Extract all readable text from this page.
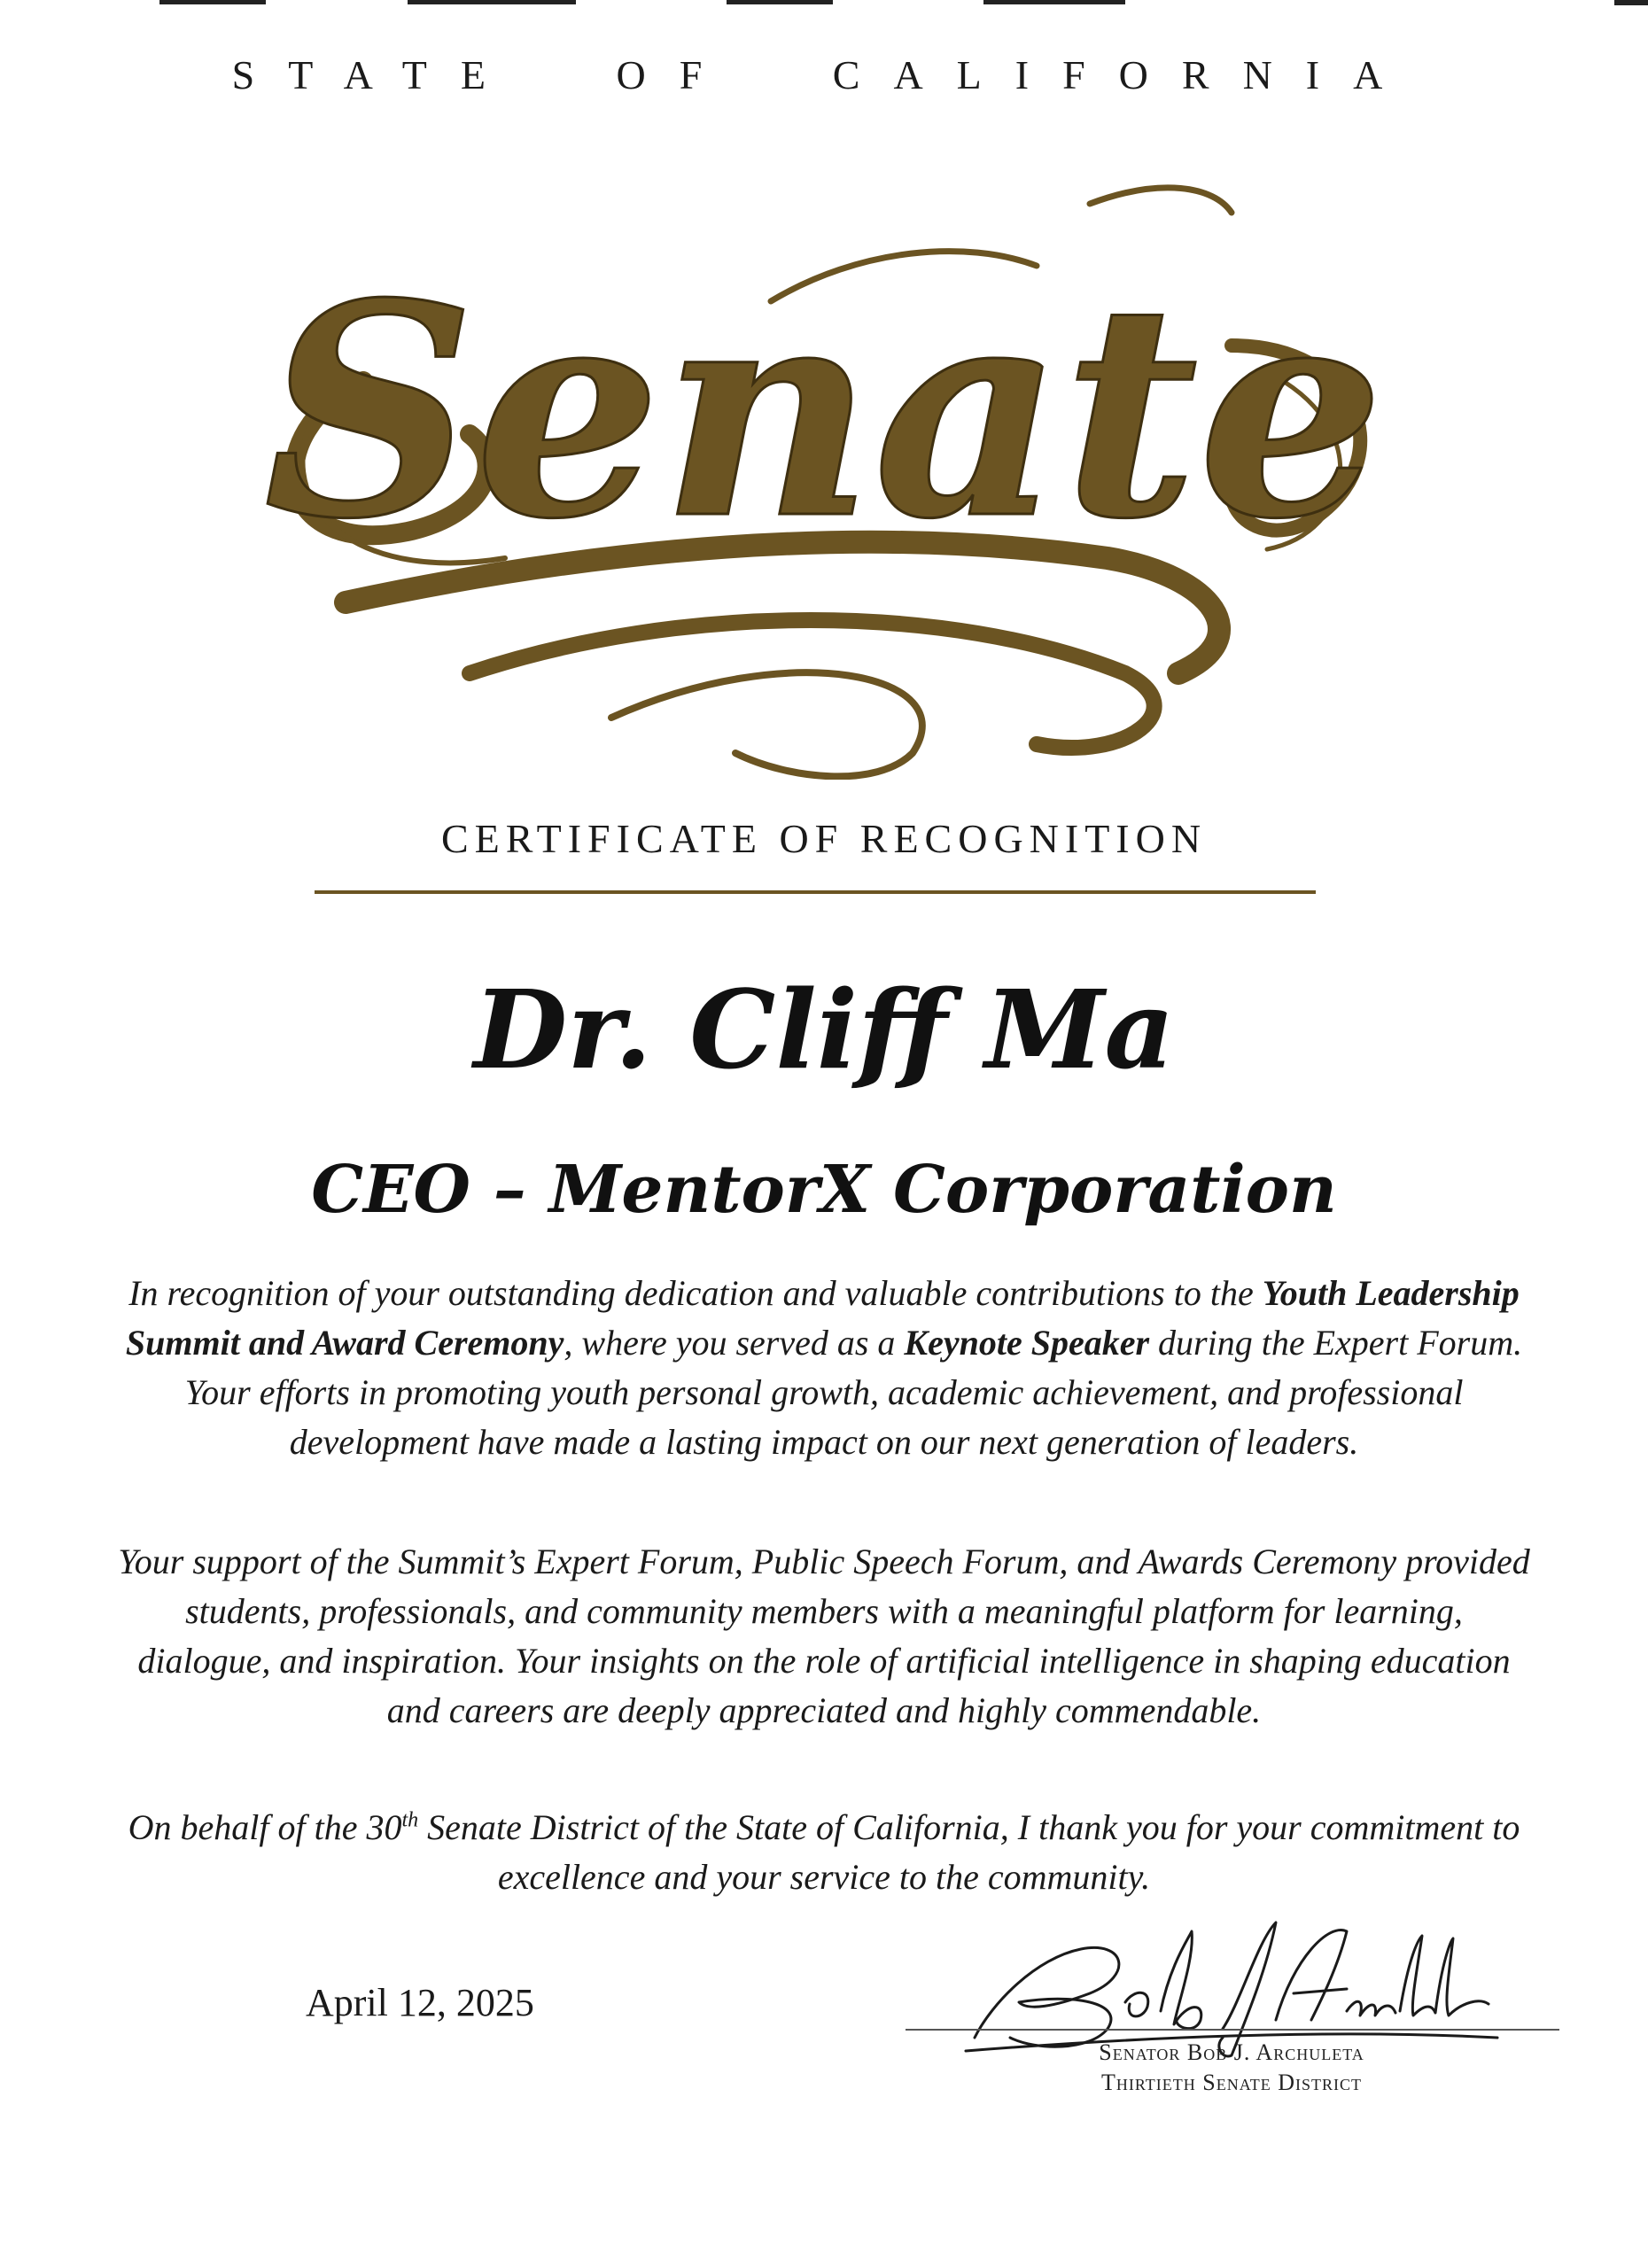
STATE OF CALIFORNIA
Senate
CERTIFICATE OF RECOGNITION
Dr. Cliff Ma
CEO – MentorX Corporation
In recognition of your outstanding dedication and valuable contributions to the Youth Leadership Summit and Award Ceremony, where you served as a Keynote Speaker during the Expert Forum. Your efforts in promoting youth personal growth, academic achievement, and professional development have made a lasting impact on our next generation of leaders.
Your support of the Summit’s Expert Forum, Public Speech Forum, and Awards Ceremony provided students, professionals, and community members with a meaningful platform for learning, dialogue, and inspiration. Your insights on the role of artificial intelligence in shaping education and careers are deeply appreciated and highly commendable.
On behalf of the 30th Senate District of the State of California, I thank you for your commitment to excellence and your service to the community.
April 12, 2025
Senator Bob J. Archuleta
Thirtieth Senate District
